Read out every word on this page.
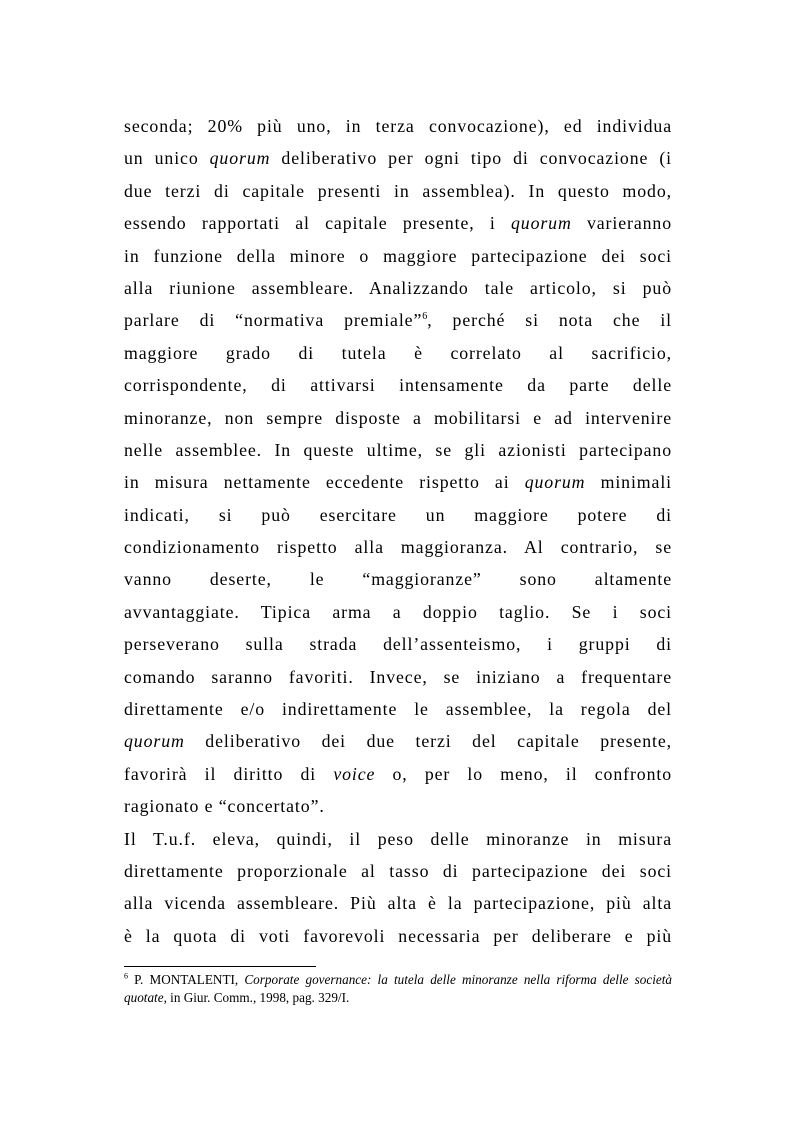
seconda; 20% più uno, in terza convocazione), ed individua
un unico quorum deliberativo per ogni tipo di convocazione (i
due terzi di capitale presenti in assemblea). In questo modo,
essendo rapportati al capitale presente, i quorum varieranno
in funzione della minore o maggiore partecipazione dei soci
alla riunione assembleare. Analizzando tale articolo, si può
parlare di “normativa premiale”$^6$, perché si nota che il
maggiore grado di tutela è correlato al sacrificio,
corrispondente, di attivarsi intensamente da parte delle
minoranze, non sempre disposte a mobilitarsi e ad intervenire
nelle assemblee. In queste ultime, se gli azionisti partecipano
in misura nettamente eccedente rispetto ai quorum minimali
indicati, si può esercitare un maggiore potere di
condizionamento rispetto alla maggioranza. Al contrario, se
vanno deserte, le “maggioranze” sono altamente
avvantaggiate. Tipica arma a doppio taglio. Se i soci
perseverano sulla strada dell’assenteismo, i gruppi di
comando saranno favoriti. Invece, se iniziano a frequentare
direttamente e/o indirettamente le assemblee, la regola del
quorum deliberativo dei due terzi del capitale presente,
favorirà il diritto di voice o, per lo meno, il confronto
ragionato e “concertato”.
Il T.u.f. eleva, quindi, il peso delle minoranze in misura
direttamente proporzionale al tasso di partecipazione dei soci
alla vicenda assembleare. Più alta è la partecipazione, più alta
è la quota di voti favorevoli necessaria per deliberare e più
$^6$ P. MONTALENTI, Corporate governance: la tutela delle minoranze nella riforma delle società quotate, in Giur. Comm., 1998, pag. 329/I.
